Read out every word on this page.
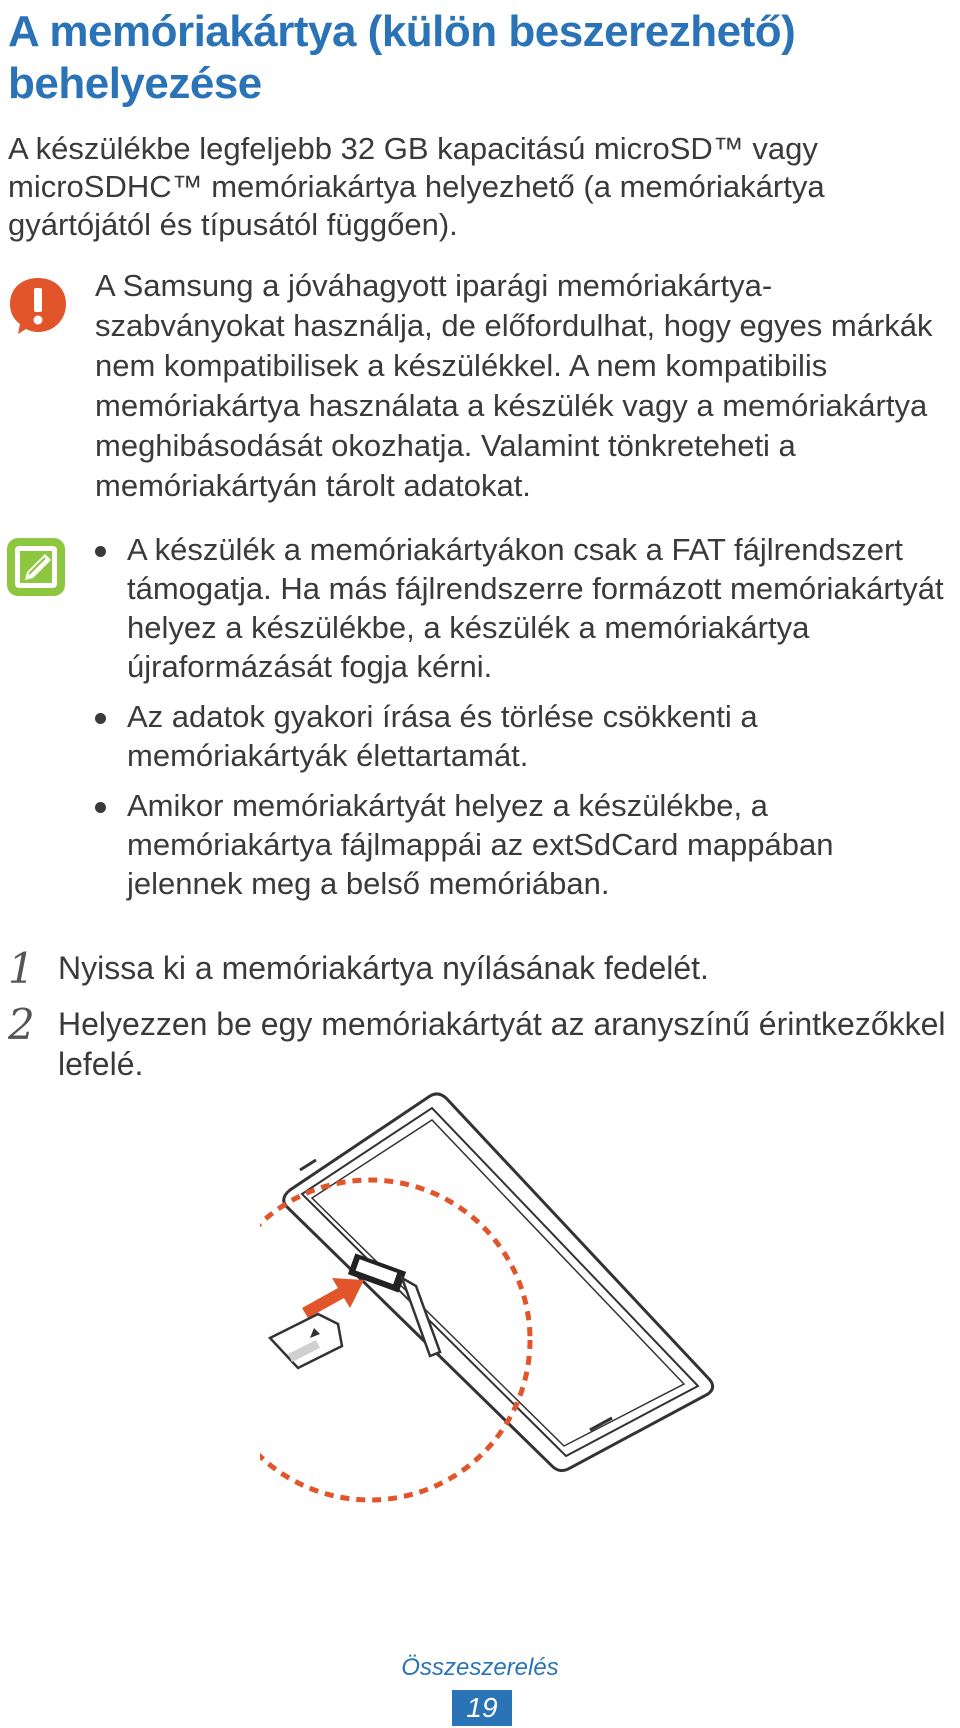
A memóriakártya (külön beszerezhető) behelyezése

A készülékbe legfeljebb 32 GB kapacitású microSD™ vagy microSDHC™ memóriakártya helyezhető (a memóriakártya gyártójától és típusától függően).

A Samsung a jóváhagyott iparági memóriakártya-szabványokat használja, de előfordulhat, hogy egyes márkák nem kompatibilisek a készülékkel. A nem kompatibilis memóriakártya használata a készülék vagy a memóriakártya meghibásodását okozhatja. Valamint tönkreteheti a memóriakártyán tárolt adatokat.

A készülék a memóriakártyákon csak a FAT fájlrendszert támogatja. Ha más fájlrendszerre formázott memóriakártyát helyez a készülékbe, a készülék a memóriakártya újraformázását fogja kérni.
Az adatok gyakori írása és törlése csökkenti a memóriakártyák élettartamát.
Amikor memóriakártyát helyez a készülékbe, a memóriakártya fájlmappái az extSdCard mappában jelennek meg a belső memóriában.
1 Nyissa ki a memóriakártya nyílásának fedelét.
2 Helyezzen be egy memóriakártyát az aranyszínű érintkezőkkel lefelé.
Összeszerelés
19
